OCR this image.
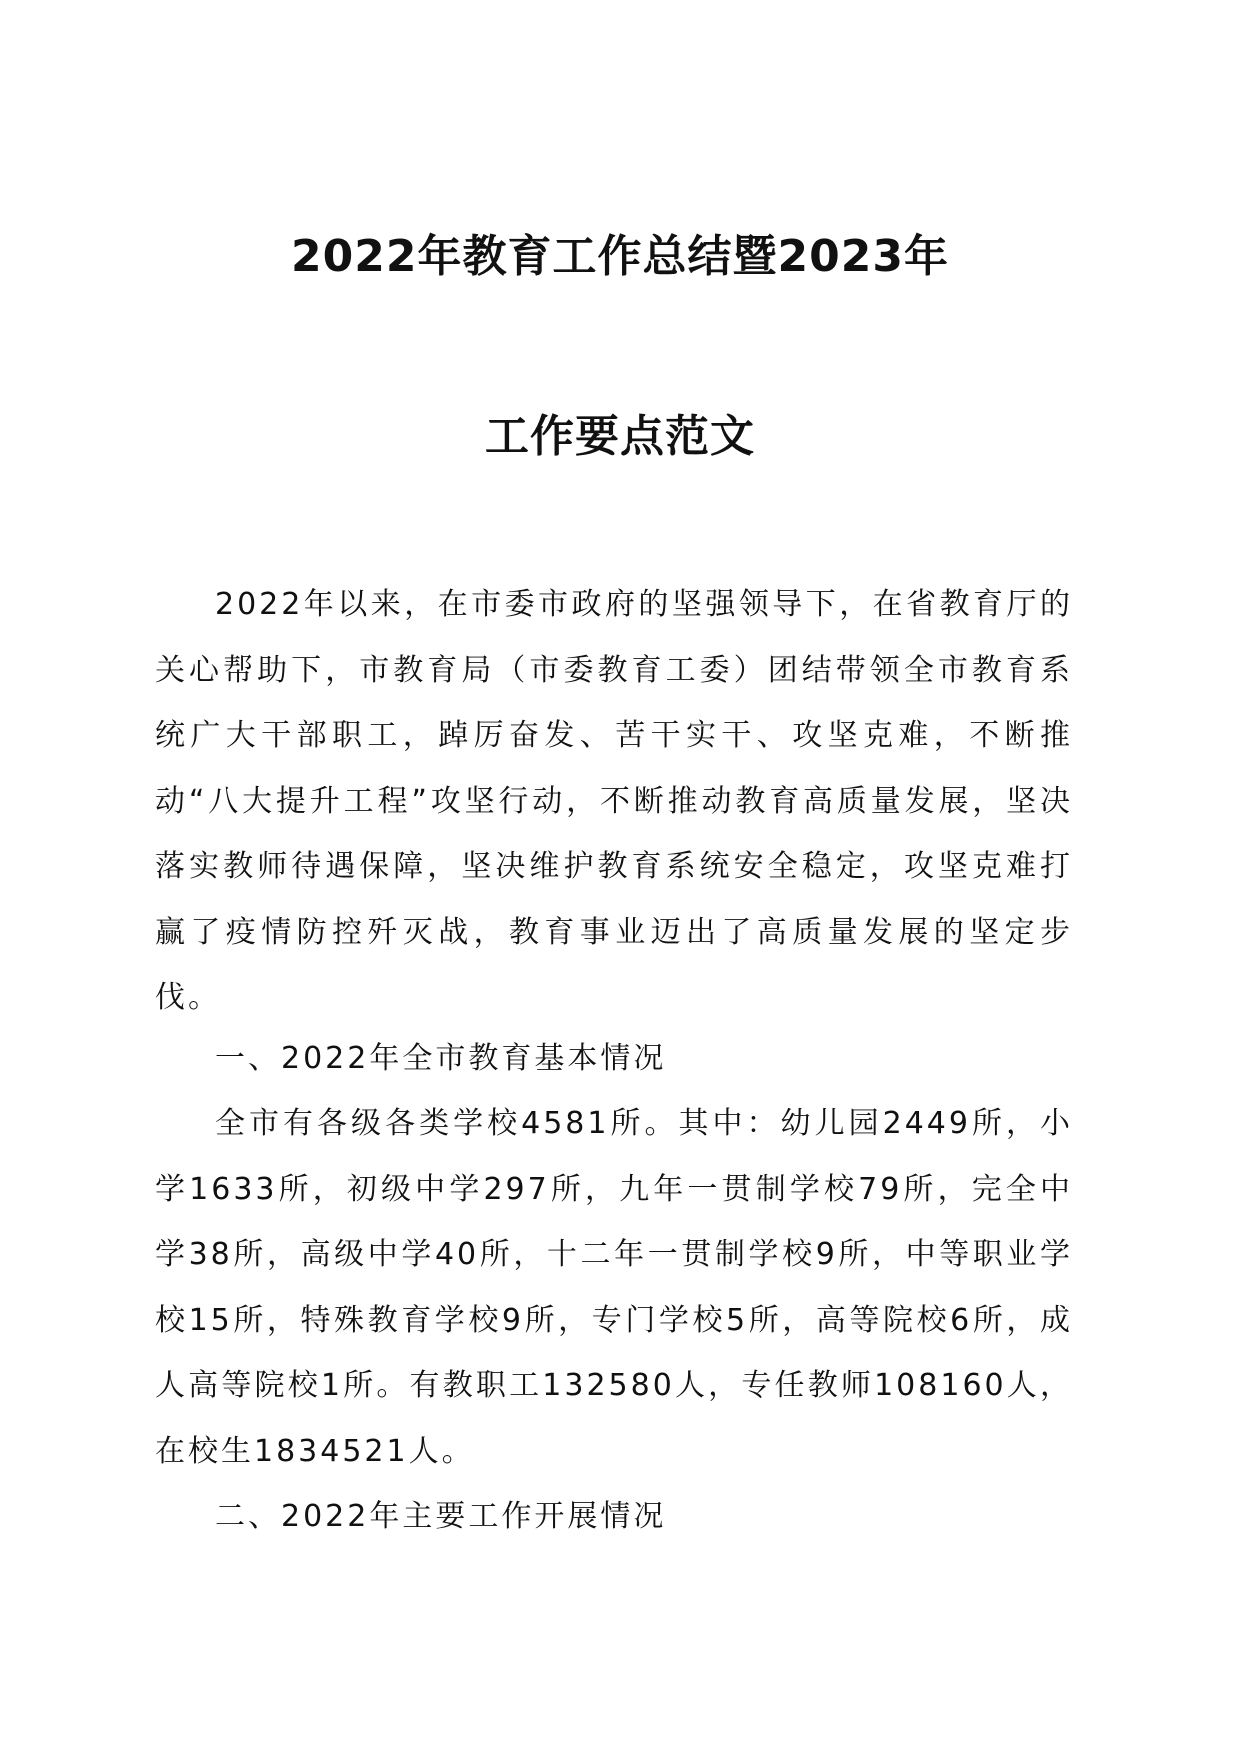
2022年教育工作总结暨2023年
工作要点范文

2022年以来，在市委市政府的坚强领导下，在省教育厅的关心帮助下，市教育局（市委教育工委）团结带领全市教育系统广大干部职工，踔厉奋发、苦干实干、攻坚克难，不断推动“八大提升工程”攻坚行动，不断推动教育高质量发展，坚决落实教师待遇保障，坚决维护教育系统安全稳定，攻坚克难打赢了疫情防控歼灭战，教育事业迈出了高质量发展的坚定步伐。

一、2022年全市教育基本情况

全市有各级各类学校4581所。其中：幼儿园2449所，小学1633所，初级中学297所，九年一贯制学校79所，完全中学38所，高级中学40所，十二年一贯制学校9所，中等职业学校15所，特殊教育学校9所，专门学校5所，高等院校6所，成人高等院校1所。有教职工132580人，专任教师108160人，在校生1834521人。

二、2022年主要工作开展情况
